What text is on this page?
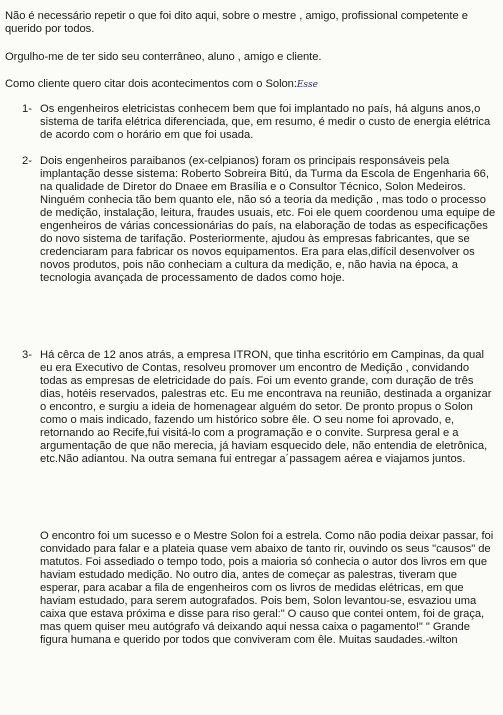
Não é necessário repetir o que foi dito aqui, sobre o mestre , amigo, profissional competente e querido por todos.
Orgulho-me de ter sido seu conterrâneo, aluno , amigo e cliente.
Como cliente quero citar dois acontecimentos com o Solon:Esse
1- Os engenheiros eletricistas conhecem bem que foi implantado no país, há alguns anos,o sistema de tarifa elétrica diferenciada, que, em resumo, é medir o custo de energia elétrica de acordo com o horário em que foi usada.
2- Dois engenheiros paraibanos (ex-celpianos) foram os principais responsáveis pela implantação desse sistema: Roberto Sobreira Bitú, da Turma da Escola de Engenharia 66, na qualidade de Diretor do Dnaee em Brasília e o Consultor Técnico, Solon Medeiros. Ninguém conhecia tão bem quanto ele, não só a teoria da medição , mas todo o processo de medição, instalação, leitura, fraudes usuais, etc. Foi ele quem coordenou uma equipe de engenheiros de várias concessionárias do país, na elaboração de todas as especificações do novo sistema de tarifação. Posteriormente, ajudou às empresas fabricantes, que se credenciaram para fabricar os novos equipamentos. Era para elas,difícil desenvolver os novos produtos, pois não conheciam a cultura da medição, e, não havia na época, a tecnologia avançada de processamento de dados como hoje.
3- Há cêrca de 12 anos atrás, a empresa ITRON, que tinha escritório em Campinas, da qual eu era Executivo de Contas, resolveu promover um encontro de Medição , convidando todas as empresas de eletricidade do país. Foi um evento grande, com duração de três dias, hotéis reservados, palestras etc. Eu me encontrava na reunião, destinada a organizar o encontro, e surgiu a ideia de homenagear alguém do setor. De pronto propus o Solon como o mais indicado, fazendo um histórico sobre êle. O seu nome foi aprovado, e, retornando ao Recife,fui visitá-lo com a programação e o convite. Surpresa geral e a argumentação de que não merecia, já haviam esquecido dele, não entendia de eletrônica, etc.Não adiantou. Na outra semana fui entregar a´passagem aérea e viajamos juntos.
O encontro foi um sucesso e o Mestre Solon foi a estrela. Como não podia deixar passar, foi convidado para falar e a plateia quase vem abaixo de tanto rir, ouvindo os seus "causos" de matutos. Foi assediado o tempo todo, pois a maioria só conhecia o autor dos livros em que haviam estudado medição. No outro dia, antes de começar as palestras, tiveram que esperar, para acabar a fila de engenheiros com os livros de medidas elétricas, em que haviam estudado, para serem autografados. Pois bem, Solon levantou-se, esvaziou uma caixa que estava próxima e disse para riso geral:" O causo que contei ontem, foi de graça, mas quem quiser meu autógrafo vá deixando aqui nessa caixa o pagamento!" " Grande figura humana e querido por todos que conviveram com êle. Muitas saudades.-wilton
